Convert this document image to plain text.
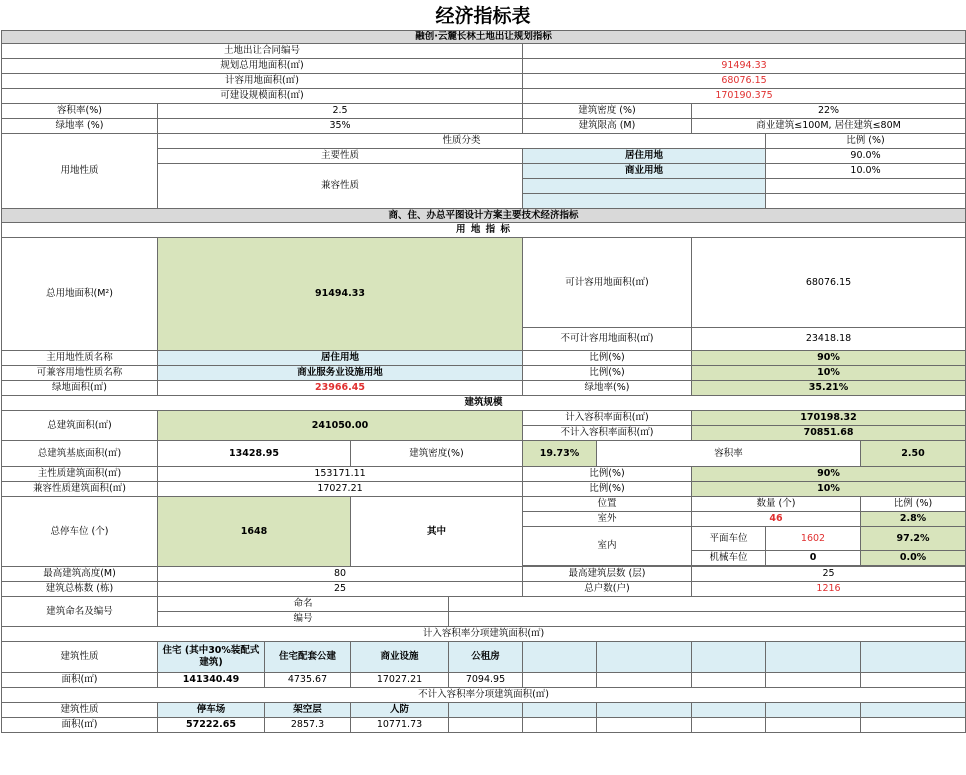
经济指标表
融创·云麓长林土地出让规划指标									
土地出让合同编号									
规划总用地面积(㎡)					91494.33				
计容用地面积(㎡)					68076.15				
可建设规模面积(㎡)					170190.375				
容积率(%)	2.5				建筑密度 (%)		22%		
绿地率 (%)	35%				建筑限高 (M)		商业建筑≤100M, 居住建筑≤80M		
用地性质	性质分类							比例 (%)	
	主要性质				居住用地			90.0%	
	兼容性质				商业用地			10.0%	

商、住、办总平图设计方案主要技术经济指标									
用 地 指 标									
总用地面积(M²)	91494.33				可计容用地面积(㎡)		68076.15		
					不可计容用地面积(㎡)		23418.18		
主用地性质名称	居住用地				比例(%)		90%		
可兼容用地性质名称	商业服务业设施用地				比例(%)		10%		
绿地面积(㎡)	23966.45				绿地率(%)		35.21%		
建筑规模									
总建筑面积(㎡)	241050.00				计入容积率面积(㎡)		170198.32		
					不计入容积率面积(㎡)		70851.68		
总建筑基底面积(㎡)	13428.95		建筑密度(%)		19.73%	容积率			2.50
主性质建筑面积(㎡)	153171.11				比例(%)		90%		
兼容性质建筑面积(㎡)	17027.21				比例(%)		10%		
总停车位 (个)	1648		其中		位置		数量 (个)		比例 (%)
					室外		46		2.8%
					室内		平面车位	1602	97.2%
							机械车位	0	0.0%

最高建筑高度(M)	80				最高建筑层数 (层)		25		
建筑总栋数 (栋)	25				总户数(户)		1216		
建筑命名及编号	命名								
	编号								
计入容积率分项建筑面积(㎡)									
建筑性质	住宅 (其中30%装配式建筑)	住宅配套公建	商业设施	公租房					
面积(㎡)	141340.49	4735.67	17027.21	7094.95					
不计入容积率分项建筑面积(㎡)									
建筑性质	停车场	架空层	人防						
面积(㎡)	57222.65	2857.3	10771.73						
